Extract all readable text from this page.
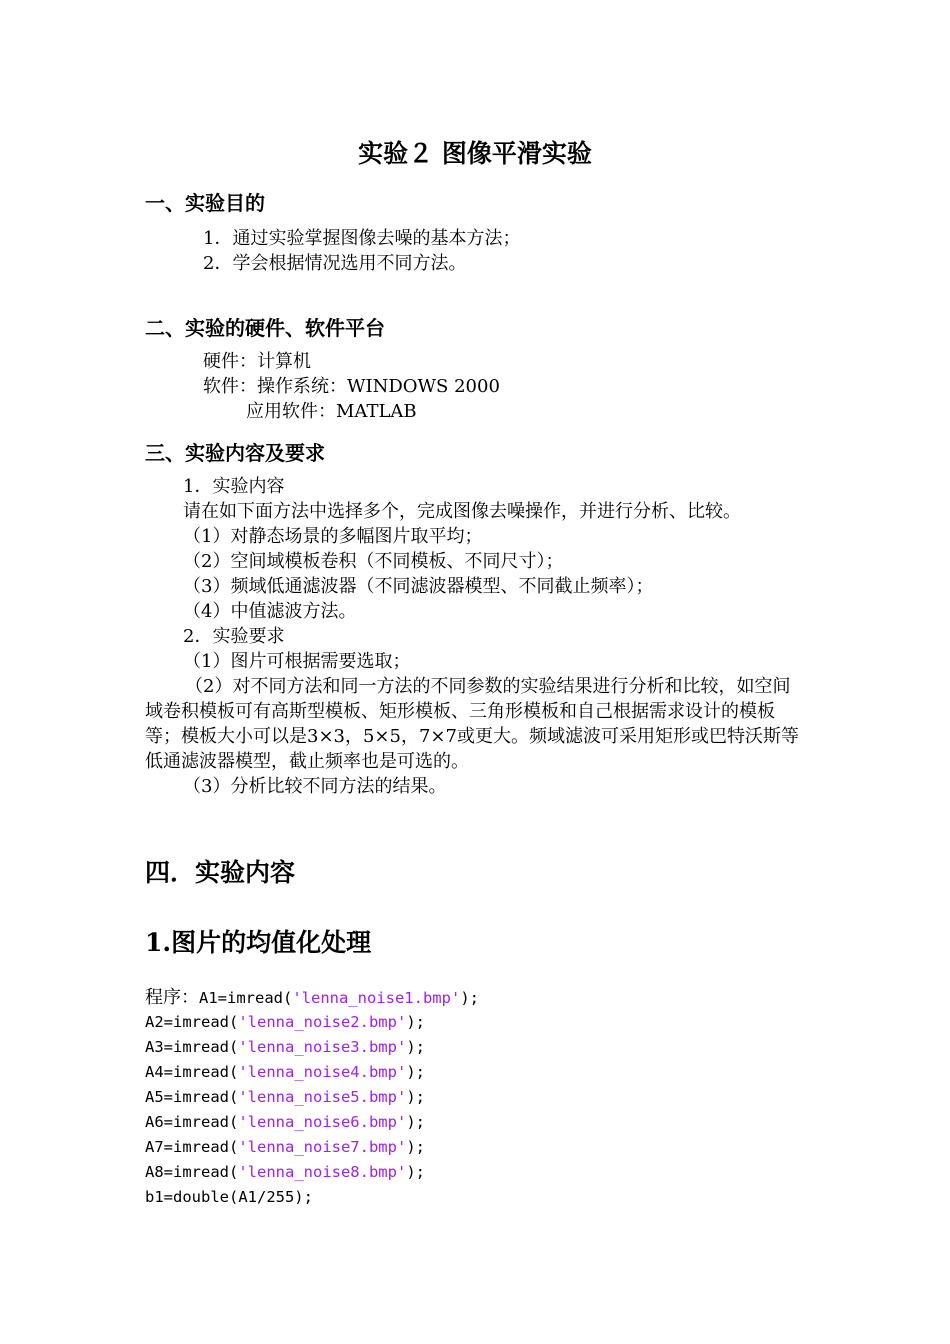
实验２ 图像平滑实验
一、实验目的
1．通过实验掌握图像去噪的基本方法；
2．学会根据情况选用不同方法。
二、实验的硬件、软件平台
硬件：计算机
软件：操作系统：WINDOWS 2000
应用软件：MATLAB
三、实验内容及要求
1．实验内容
请在如下面方法中选择多个，完成图像去噪操作，并进行分析、比较。
（1）对静态场景的多幅图片取平均；
（2）空间域模板卷积（不同模板、不同尺寸）；
（3）频域低通滤波器（不同滤波器模型、不同截止频率）；
（4）中值滤波方法。
2．实验要求
（1）图片可根据需要选取；
（2）对不同方法和同一方法的不同参数的实验结果进行分析和比较，如空间域卷积模板可有高斯型模板、矩形模板、三角形模板和自己根据需求设计的模板等；模板大小可以是3×3，5×5，7×7或更大。频域滤波可采用矩形或巴特沃斯等低通滤波器模型，截止频率也是可选的。
（3）分析比较不同方法的结果。
四．实验内容
1.图片的均值化处理
程序：A1=imread('lenna_noise1.bmp');
A2=imread('lenna_noise2.bmp');
A3=imread('lenna_noise3.bmp');
A4=imread('lenna_noise4.bmp');
A5=imread('lenna_noise5.bmp');
A6=imread('lenna_noise6.bmp');
A7=imread('lenna_noise7.bmp');
A8=imread('lenna_noise8.bmp');
b1=double(A1/255);
